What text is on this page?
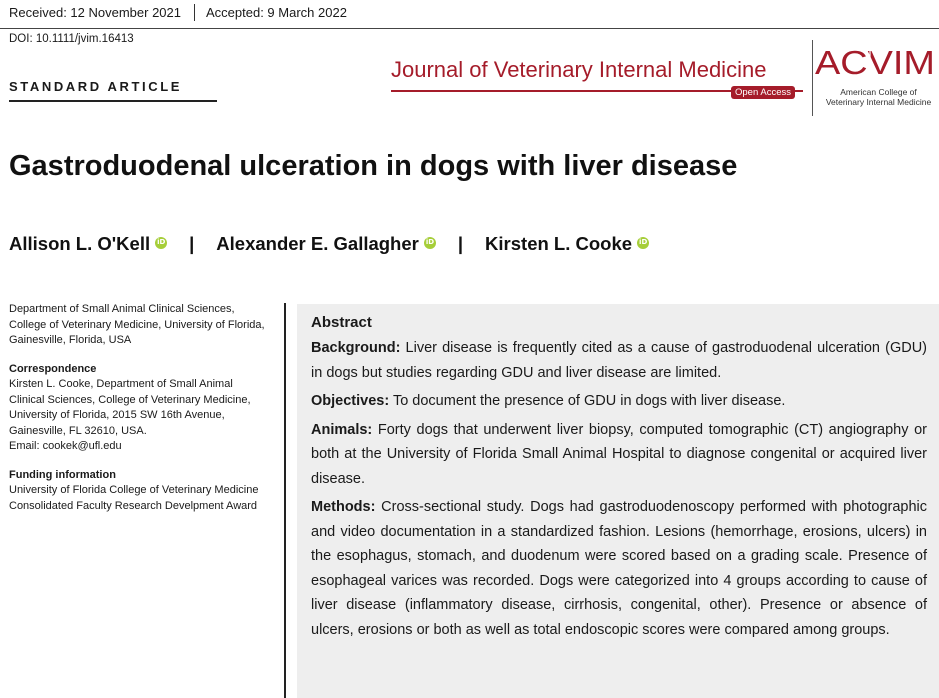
Received: 12 November 2021 Accepted: 9 March 2022
DOI: 10.1111/jvim.16413
STANDARD ARTICLE
Journal of Veterinary Internal Medicine
Open Access
ACVIM
American College of
Veterinary Internal Medicine
Gastroduodenal ulceration in dogs with liver disease
Allison L. O'Kell iD | Alexander E. Gallagher iD | Kirsten L. Cooke
iD

Department of Small Animal Clinical Sciences, College of Veterinary Medicine, University of Florida, Gainesville, Florida, USA

Correspondence
Kirsten L. Cooke, Department of Small Animal Clinical Sciences, College of Veterinary Medicine, University of Florida, 2015 SW 16th Avenue, Gainesville, FL 32610, USA.

Email: cookek@ufl.edu

Funding information
University of Florida College of Veterinary Medicine Consolidated Faculty Research Develpment Award
Abstract

Background: Liver disease is frequently cited as a cause of gastroduodenal ulceration (GDU) in dogs but studies regarding GDU and liver disease are limited.

Objectives: To document the presence of GDU in dogs with liver disease.

Animals: Forty dogs that underwent liver biopsy, computed tomographic (CT) angiography or both at the University of Florida Small Animal Hospital to diagnose congenital or acquired liver disease.

Methods: Cross-sectional study. Dogs had gastroduodenoscopy performed with photographic and video documentation in a standardized fashion. Lesions (hemorrhage, erosions, ulcers) in the esophagus, stomach, and duodenum were scored based on a grading scale. Presence of esophageal varices was recorded. Dogs were categorized into 4 groups according to cause of liver disease (inflammatory disease, cirrhosis, congenital, other). Presence or absence of ulcers, erosions or both as well as total endoscopic scores were compared among groups.
